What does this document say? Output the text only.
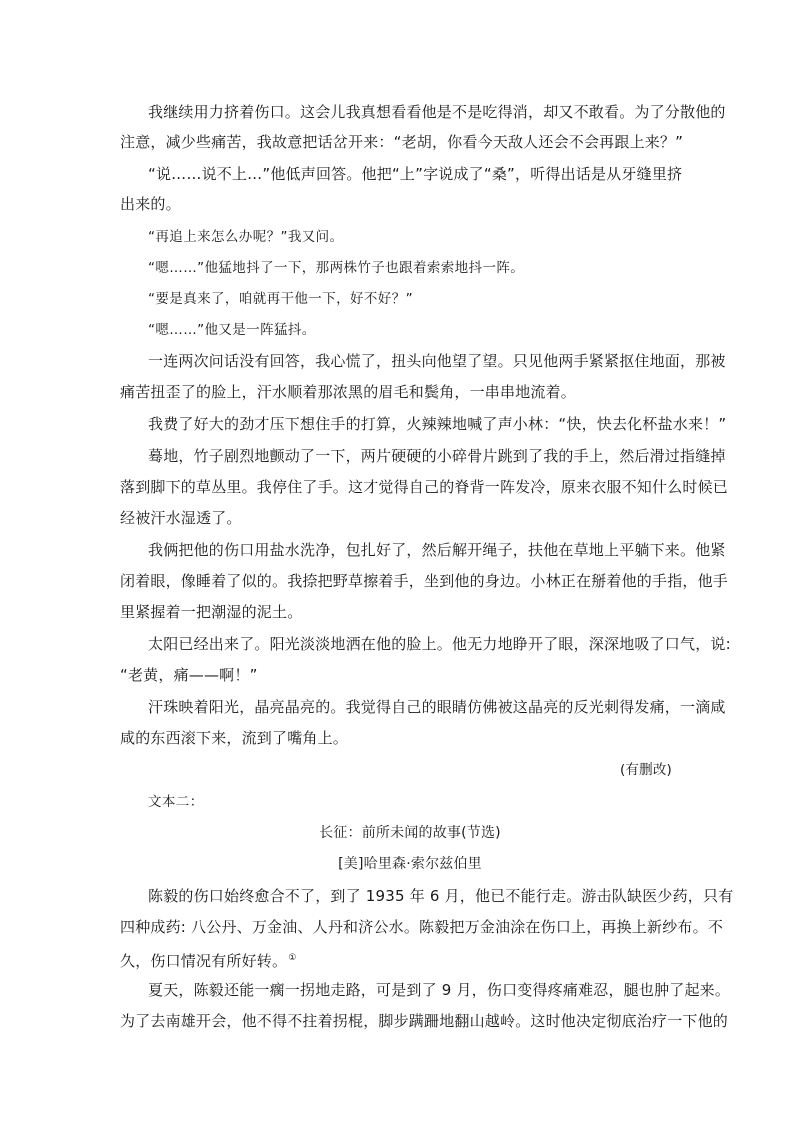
我继续用力挤着伤口。这会儿我真想看看他是不是吃得消，却又不敢看。为了分散他的
注意，减少些痛苦，我故意把话岔开来：“老胡，你看今天敌人还会不会再跟上来？”
“说……说不上…”他低声回答。他把“上”字说成了“桑”，听得出话是从牙缝里挤
出来的。
“再追上来怎么办呢？”我又问。
“嗯……”他猛地抖了一下，那两株竹子也跟着索索地抖一阵。
“要是真来了，咱就再干他一下，好不好？”
“嗯……”他又是一阵猛抖。
一连两次问话没有回答，我心慌了，扭头向他望了望。只见他两手紧紧抠住地面，那被
痛苦扭歪了的脸上，汗水顺着那浓黑的眉毛和鬓角，一串串地流着。
我费了好大的劲才压下想住手的打算，火辣辣地喊了声小林：“快，快去化杯盐水来！”
蓦地，竹子剧烈地颤动了一下，两片硬硬的小碎骨片跳到了我的手上，然后滑过指缝掉
落到脚下的草丛里。我停住了手。这才觉得自己的脊背一阵发冷，原来衣服不知什么时候已
经被汗水湿透了。
我俩把他的伤口用盐水洗净，包扎好了，然后解开绳子，扶他在草地上平躺下来。他紧
闭着眼，像睡着了似的。我捺把野草擦着手，坐到他的身边。小林正在掰着他的手指，他手
里紧握着一把潮湿的泥土。
太阳已经出来了。阳光淡淡地洒在他的脸上。他无力地睁开了眼，深深地吸了口气，说:
“老黄，痛——啊！”
汗珠映着阳光，晶亮晶亮的。我觉得自己的眼睛仿佛被这晶亮的反光刺得发痛，一滴咸
咸的东西滚下来，流到了嘴角上。
(有删改)
文本二：
长征：前所未闻的故事(节选)
[美]哈里森·索尔兹伯里
陈毅的伤口始终愈合不了，到了 1935 年 6 月，他已不能行走。游击队缺医少药，只有
四种成药: 八公丹、万金油、人丹和济公水。陈毅把万金油涂在伤口上，再换上新纱布。不
久，伤口情况有所好转。①
夏天，陈毅还能一瘸一拐地走路，可是到了 9 月，伤口变得疼痛难忍，腿也肿了起来。
为了去南雄开会，他不得不拄着拐棍，脚步蹒跚地翻山越岭。这时他决定彻底治疗一下他的
